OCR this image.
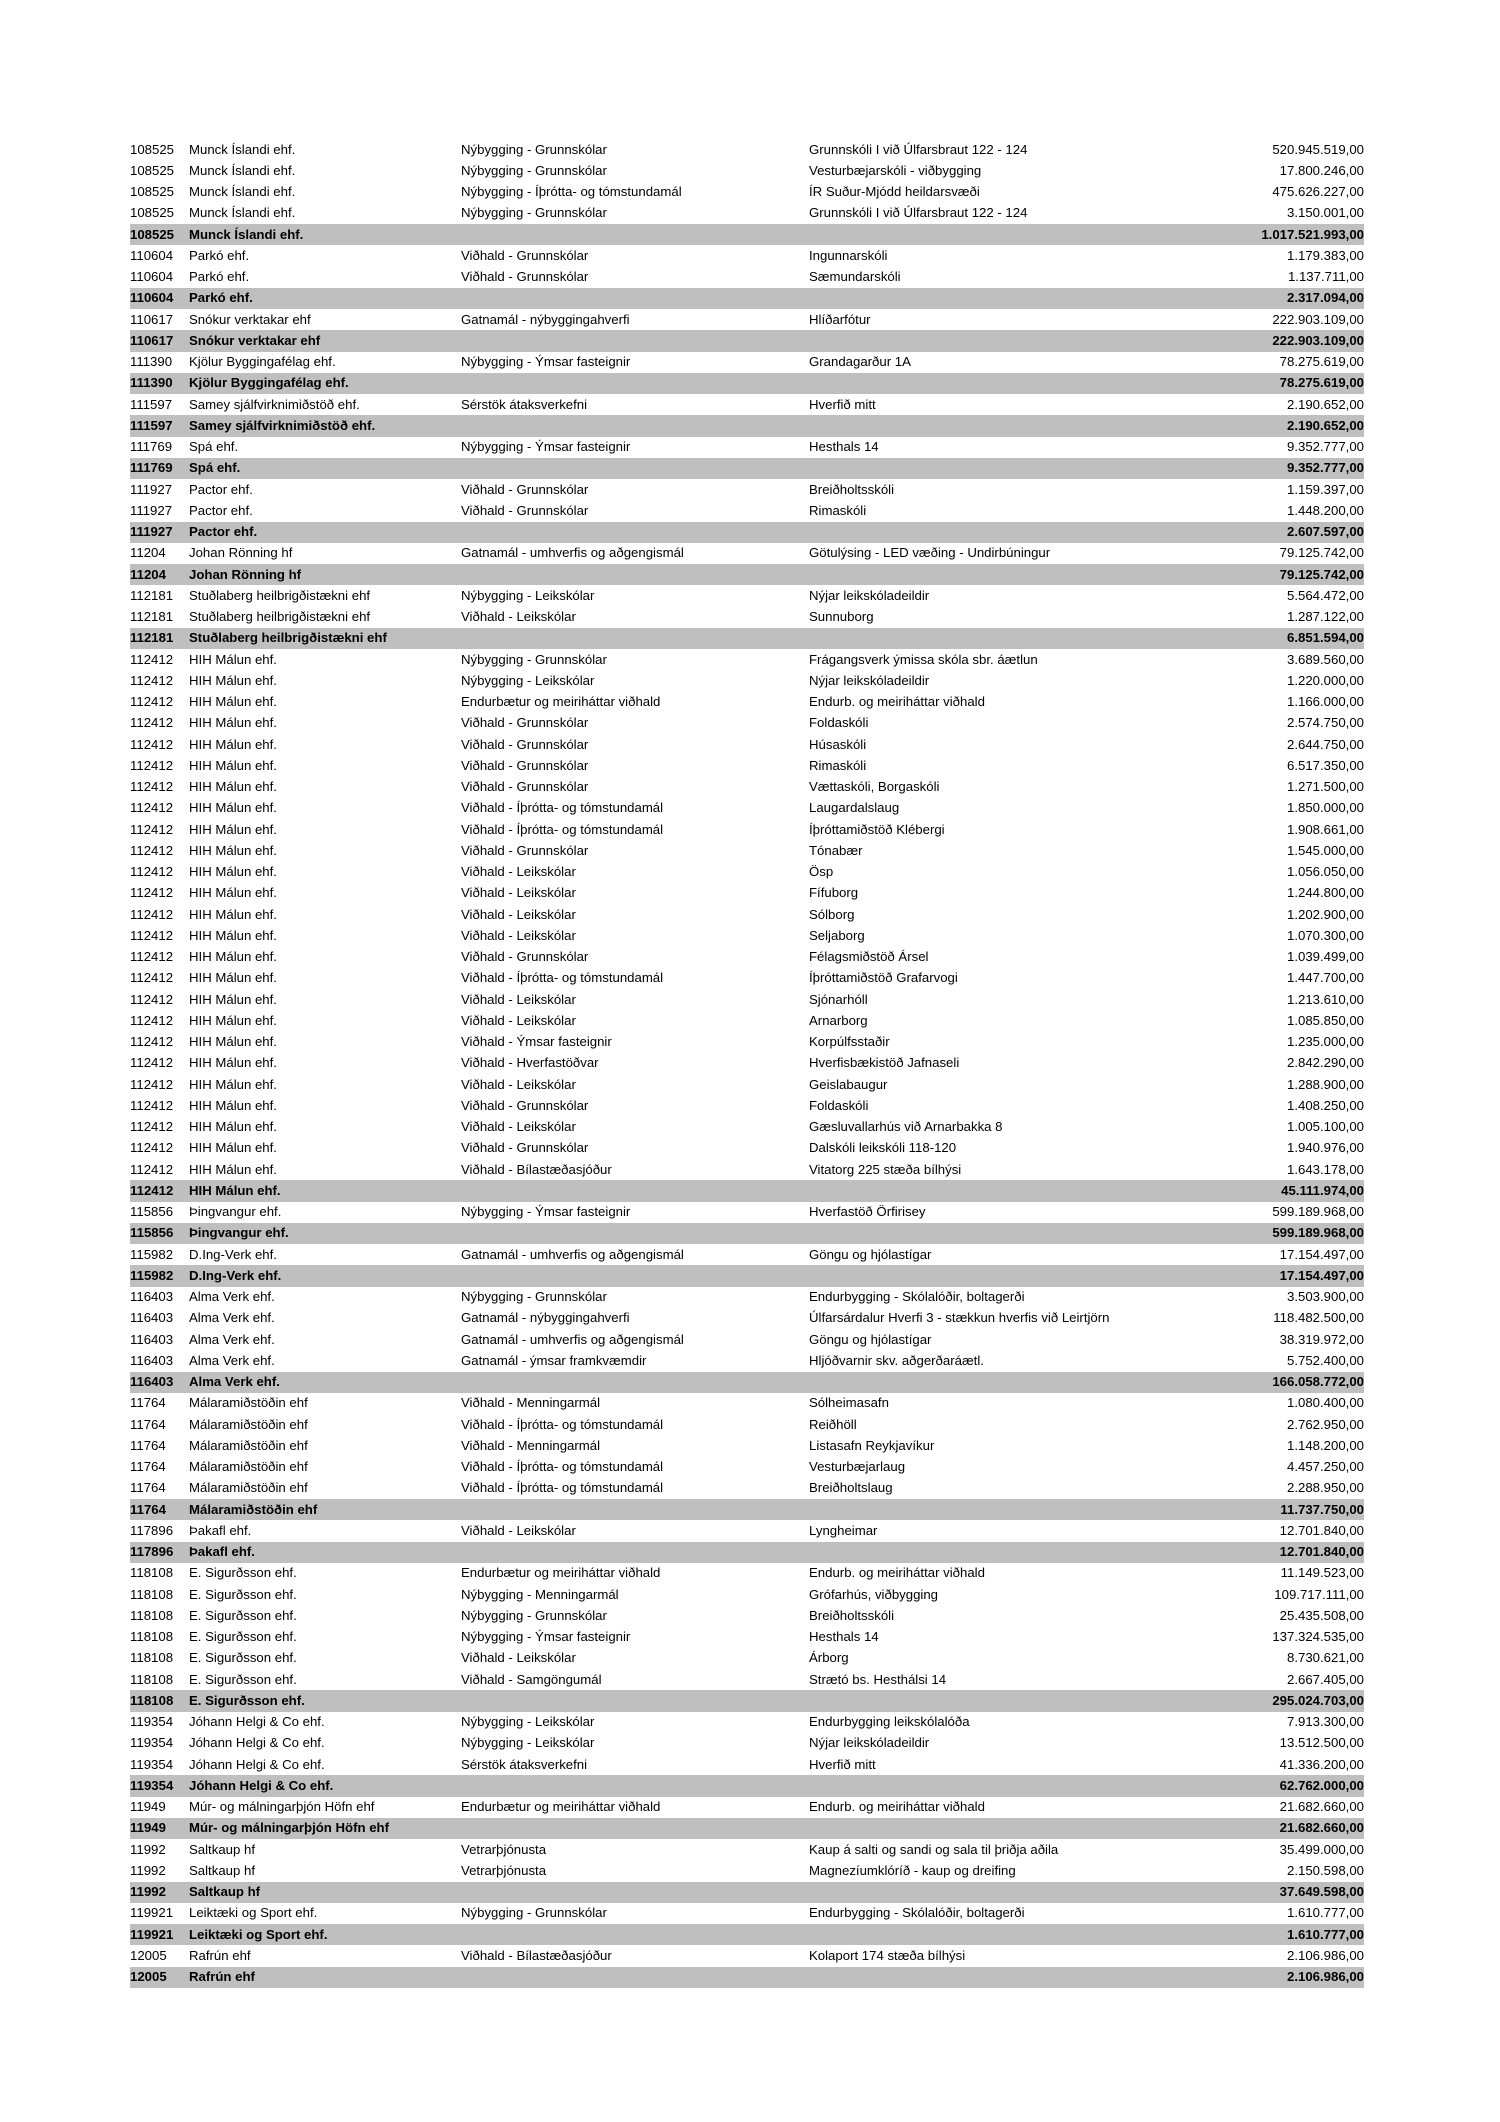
108525	Munck Íslandi ehf.	Nýbygging - Grunnskólar	Grunnskóli I við Úlfarsbraut 122 - 124	520.945.519,00
108525	Munck Íslandi ehf.	Nýbygging - Grunnskólar	Vesturbæjarskóli - viðbygging	17.800.246,00
108525	Munck Íslandi ehf.	Nýbygging - Íþrótta- og tómstundamál	ÍR Suður-Mjódd heildarsvæði	475.626.227,00
108525	Munck Íslandi ehf.	Nýbygging - Grunnskólar	Grunnskóli I við Úlfarsbraut 122 - 124	3.150.001,00
108525	Munck Íslandi ehf.			1.017.521.993,00
110604	Parkó ehf.	Viðhald - Grunnskólar	Ingunnarskóli	1.179.383,00
110604	Parkó ehf.	Viðhald - Grunnskólar	Sæmundarskóli	1.137.711,00
110604	Parkó ehf.			2.317.094,00
110617	Snókur verktakar ehf	Gatnamál - nýbyggingahverfi	Hlíðarfótur	222.903.109,00
110617	Snókur verktakar ehf			222.903.109,00
111390	Kjölur Byggingafélag ehf.	Nýbygging - Ýmsar fasteignir	Grandagarður 1A	78.275.619,00
111390	Kjölur Byggingafélag ehf.			78.275.619,00
111597	Samey sjálfvirknimiðstöð ehf.	Sérstök átaksverkefni	Hverfið mitt	2.190.652,00
111597	Samey sjálfvirknimiðstöð ehf.			2.190.652,00
111769	Spá ehf.	Nýbygging - Ýmsar fasteignir	Hesthals 14	9.352.777,00
111769	Spá ehf.			9.352.777,00
111927	Pactor ehf.	Viðhald - Grunnskólar	Breiðholtsskóli	1.159.397,00
111927	Pactor ehf.	Viðhald - Grunnskólar	Rimaskóli	1.448.200,00
111927	Pactor ehf.			2.607.597,00
11204	Johan Rönning hf	Gatnamál - umhverfis og aðgengismál	Götulýsing - LED væðing - Undirbúningur	79.125.742,00
11204	Johan Rönning hf			79.125.742,00
112181	Stuðlaberg heilbrigðistækni ehf	Nýbygging - Leikskólar	Nýjar leikskóladeildir	5.564.472,00
112181	Stuðlaberg heilbrigðistækni ehf	Viðhald - Leikskólar	Sunnuborg	1.287.122,00
112181	Stuðlaberg heilbrigðistækni ehf			6.851.594,00
112412	HIH Málun ehf.	Nýbygging - Grunnskólar	Frágangsverk ýmissa skóla sbr. áætlun	3.689.560,00
112412	HIH Málun ehf.	Nýbygging - Leikskólar	Nýjar leikskóladeildir	1.220.000,00
112412	HIH Málun ehf.	Endurbætur og meiriháttar viðhald	Endurb. og meiriháttar viðhald	1.166.000,00
112412	HIH Málun ehf.	Viðhald - Grunnskólar	Foldaskóli	2.574.750,00
112412	HIH Málun ehf.	Viðhald - Grunnskólar	Húsaskóli	2.644.750,00
112412	HIH Málun ehf.	Viðhald - Grunnskólar	Rimaskóli	6.517.350,00
112412	HIH Málun ehf.	Viðhald - Grunnskólar	Vættaskóli, Borgaskóli	1.271.500,00
112412	HIH Málun ehf.	Viðhald - Íþrótta- og tómstundamál	Laugardalslaug	1.850.000,00
112412	HIH Málun ehf.	Viðhald - Íþrótta- og tómstundamál	Íþróttamiðstöð Klébergi	1.908.661,00
112412	HIH Málun ehf.	Viðhald - Grunnskólar	Tónabær	1.545.000,00
112412	HIH Málun ehf.	Viðhald - Leikskólar	Ösp	1.056.050,00
112412	HIH Málun ehf.	Viðhald - Leikskólar	Fífuborg	1.244.800,00
112412	HIH Málun ehf.	Viðhald - Leikskólar	Sólborg	1.202.900,00
112412	HIH Málun ehf.	Viðhald - Leikskólar	Seljaborg	1.070.300,00
112412	HIH Málun ehf.	Viðhald - Grunnskólar	Félagsmiðstöð Ársel	1.039.499,00
112412	HIH Málun ehf.	Viðhald - Íþrótta- og tómstundamál	Íþróttamiðstöð Grafarvogi	1.447.700,00
112412	HIH Málun ehf.	Viðhald - Leikskólar	Sjónarhóll	1.213.610,00
112412	HIH Málun ehf.	Viðhald - Leikskólar	Arnarborg	1.085.850,00
112412	HIH Málun ehf.	Viðhald - Ýmsar fasteignir	Korpúlfsstaðir	1.235.000,00
112412	HIH Málun ehf.	Viðhald - Hverfastöðvar	Hverfisbækistöð Jafnaseli	2.842.290,00
112412	HIH Málun ehf.	Viðhald - Leikskólar	Geislabaugur	1.288.900,00
112412	HIH Málun ehf.	Viðhald - Grunnskólar	Foldaskóli	1.408.250,00
112412	HIH Málun ehf.	Viðhald - Leikskólar	Gæsluvallarhús við Arnarbakka 8	1.005.100,00
112412	HIH Málun ehf.	Viðhald - Grunnskólar	Dalskóli leikskóli 118-120	1.940.976,00
112412	HIH Málun ehf.	Viðhald - Bílastæðasjóður	Vitatorg 225 stæða bílhýsi	1.643.178,00
112412	HIH Málun ehf.			45.111.974,00
115856	Þingvangur ehf.	Nýbygging - Ýmsar fasteignir	Hverfastöð Örfirisey	599.189.968,00
115856	Þingvangur ehf.			599.189.968,00
115982	D.Ing-Verk ehf.	Gatnamál - umhverfis og aðgengismál	Göngu og hjólastígar	17.154.497,00
115982	D.Ing-Verk ehf.			17.154.497,00
116403	Alma Verk ehf.	Nýbygging - Grunnskólar	Endurbygging - Skólalóðir, boltagerði	3.503.900,00
116403	Alma Verk ehf.	Gatnamál - nýbyggingahverfi	Úlfarsárdalur Hverfi 3 - stækkun hverfis við Leirtjörn	118.482.500,00
116403	Alma Verk ehf.	Gatnamál - umhverfis og aðgengismál	Göngu og hjólastígar	38.319.972,00
116403	Alma Verk ehf.	Gatnamál - ýmsar framkvæmdir	Hljóðvarnir skv. aðgerðaráætl.	5.752.400,00
116403	Alma Verk ehf.			166.058.772,00
11764	Málaramiðstöðin ehf	Viðhald - Menningarmál	Sólheimasafn	1.080.400,00
11764	Málaramiðstöðin ehf	Viðhald - Íþrótta- og tómstundamál	Reiðhöll	2.762.950,00
11764	Málaramiðstöðin ehf	Viðhald - Menningarmál	Listasafn Reykjavíkur	1.148.200,00
11764	Málaramiðstöðin ehf	Viðhald - Íþrótta- og tómstundamál	Vesturbæjarlaug	4.457.250,00
11764	Málaramiðstöðin ehf	Viðhald - Íþrótta- og tómstundamál	Breiðholtslaug	2.288.950,00
11764	Málaramiðstöðin ehf			11.737.750,00
117896	Þakafl ehf.	Viðhald - Leikskólar	Lyngheimar	12.701.840,00
117896	Þakafl ehf.			12.701.840,00
118108	E. Sigurðsson ehf.	Endurbætur og meiriháttar viðhald	Endurb. og meiriháttar viðhald	11.149.523,00
118108	E. Sigurðsson ehf.	Nýbygging - Menningarmál	Grófarhús, viðbygging	109.717.111,00
118108	E. Sigurðsson ehf.	Nýbygging - Grunnskólar	Breiðholtsskóli	25.435.508,00
118108	E. Sigurðsson ehf.	Nýbygging - Ýmsar fasteignir	Hesthals 14	137.324.535,00
118108	E. Sigurðsson ehf.	Viðhald - Leikskólar	Árborg	8.730.621,00
118108	E. Sigurðsson ehf.	Viðhald - Samgöngumál	Strætó bs. Hesthálsi 14	2.667.405,00
118108	E. Sigurðsson ehf.			295.024.703,00
119354	Jóhann Helgi & Co ehf.	Nýbygging - Leikskólar	Endurbygging leikskólalóða	7.913.300,00
119354	Jóhann Helgi & Co ehf.	Nýbygging - Leikskólar	Nýjar leikskóladeildir	13.512.500,00
119354	Jóhann Helgi & Co ehf.	Sérstök átaksverkefni	Hverfið mitt	41.336.200,00
119354	Jóhann Helgi & Co ehf.			62.762.000,00
11949	Múr- og málningarþjón Höfn ehf	Endurbætur og meiriháttar viðhald	Endurb. og meiriháttar viðhald	21.682.660,00
11949	Múr- og málningarþjón Höfn ehf			21.682.660,00
11992	Saltkaup hf	Vetrarþjónusta	Kaup á salti og sandi og sala til þriðja aðila	35.499.000,00
11992	Saltkaup hf	Vetrarþjónusta	Magnezíumklóríð - kaup og dreifing	2.150.598,00
11992	Saltkaup hf			37.649.598,00
119921	Leiktæki og Sport ehf.	Nýbygging - Grunnskólar	Endurbygging - Skólalóðir, boltagerði	1.610.777,00
119921	Leiktæki og Sport ehf.			1.610.777,00
12005	Rafrún ehf	Viðhald - Bílastæðasjóður	Kolaport 174 stæða bílhýsi	2.106.986,00
12005	Rafrún ehf			2.106.986,00
